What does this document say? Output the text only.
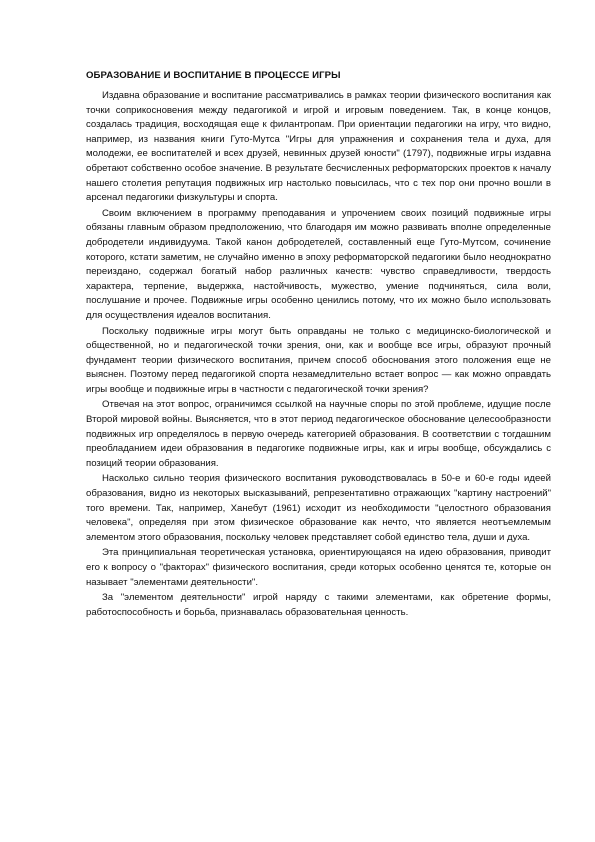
ОБРАЗОВАНИЕ И ВОСПИТАНИЕ В ПРОЦЕССЕ ИГРЫ

Издавна образование и воспитание рассматривались в рамках теории физического воспитания как точки соприкосновения между педагогикой и игрой и игровым поведением. Так, в конце концов, создалась традиция, восходящая еще к филантропам. При ориентации педагогики на игру, что видно, например, из названия книги Гуто-Мутса "Игры для упражнения и сохранения тела и духа, для молодежи, ее воспитателей и всех друзей, невинных друзей юности" (1797), подвижные игры издавна обретают собственно особое значение. В результате бесчисленных реформаторских проектов к началу нашего столетия репутация подвижных игр настолько повысилась, что с тех пор они прочно вошли в арсенал педагогики физкультуры и спорта.

Своим включением в программу преподавания и упрочением своих позиций подвижные игры обязаны главным образом предположению, что благодаря им можно развивать вполне определенные добродетели индивидуума. Такой канон добродетелей, составленный еще Гуто-Мутсом, сочинение которого, кстати заметим, не случайно именно в эпоху реформаторской педагогики было неоднократно переиздано, содержал богатый набор различных качеств: чувство справедливости, твердость характера, терпение, выдержка, настойчивость, мужество, умение подчиняться, сила воли, послушание и прочее. Подвижные игры особенно ценились потому, что их можно было использовать для осуществления идеалов воспитания.

Поскольку подвижные игры могут быть оправданы не только с медицинско-биологической и общественной, но и педагогической точки зрения, они, как и вообще все игры, образуют прочный фундамент теории физического воспитания, причем способ обоснования этого положения еще не выяснен. Поэтому перед педагогикой спорта незамедлительно встает вопрос — как можно оправдать игры вообще и подвижные игры в частности с педагогической точки зрения?

Отвечая на этот вопрос, ограничимся ссылкой на научные споры по этой проблеме, идущие после Второй мировой войны. Выясняется, что в этот период педагогическое обоснование целесообразности подвижных игр определялось в первую очередь категорией образования. В соответствии с тогдашним преобладанием идеи образования в педагогике подвижные игры, как и игры вообще, обсуждались с позиций теории образования.

Насколько сильно теория физического воспитания руководствовалась в 50-е и 60-е годы идеей образования, видно из некоторых высказываний, репрезентативно отражающих "картину настроений" того времени. Так, например, Ханебут (1961) исходит из необходимости "целостного образования человека", определяя при этом физическое образование как нечто, что является неотъемлемым элементом этого образования, поскольку человек представляет собой единство тела, души и духа.

Эта принципиальная теоретическая установка, ориентирующаяся на идею образования, приводит его к вопросу о "факторах" физического воспитания, среди которых особенно ценятся те, которые он называет "элементами деятельности".

За "элементом деятельности" игрой наряду с такими элементами, как обретение формы, работоспособность и борьба, признавалась образовательная ценность.
